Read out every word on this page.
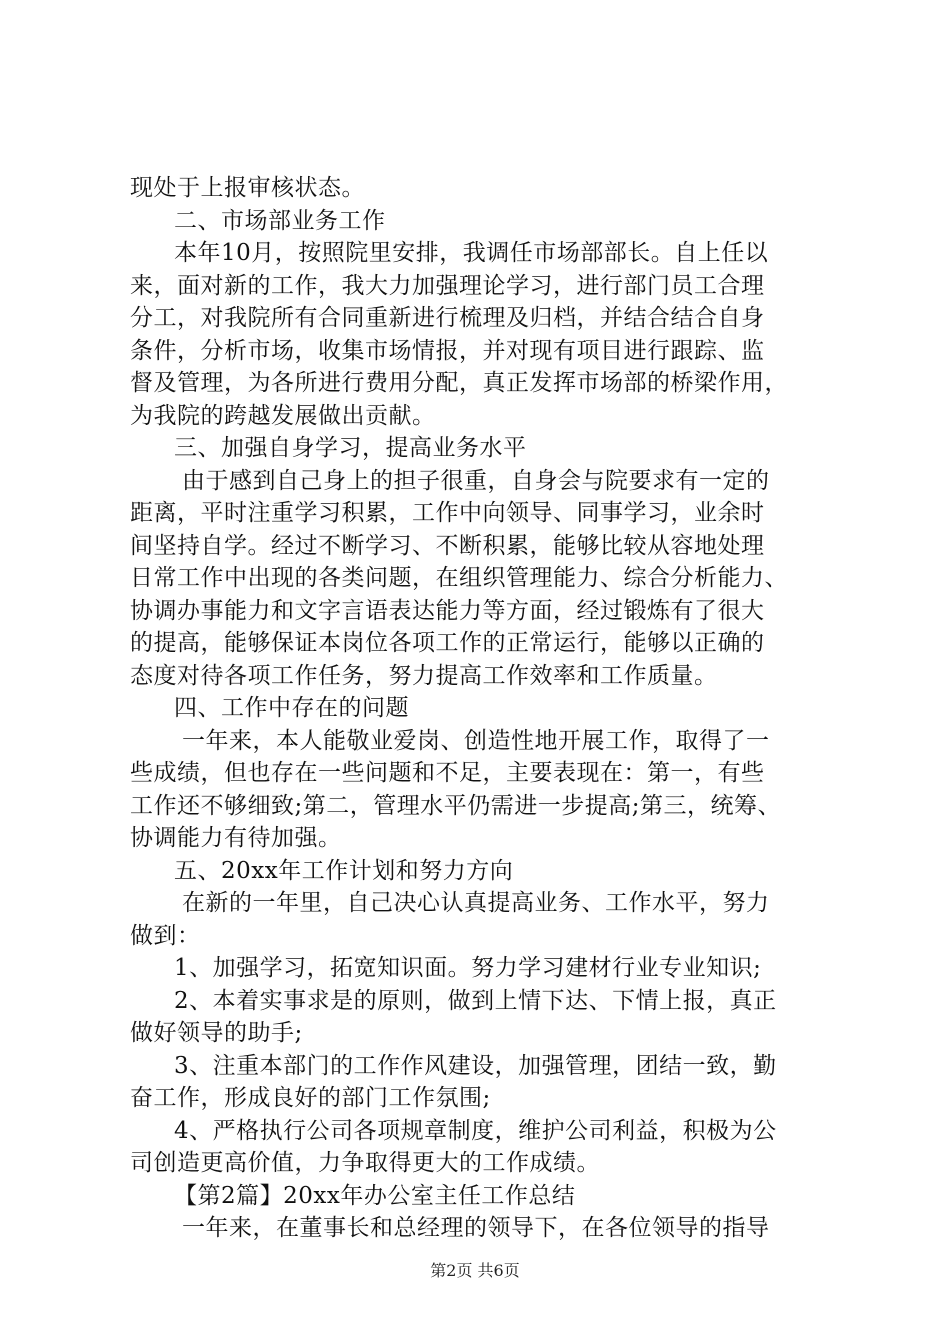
现处于上报审核状态。
二、市场部业务工作
本年10月，按照院里安排，我调任市场部部长。自上任以
来，面对新的工作，我大力加强理论学习，进行部门员工合理
分工，对我院所有合同重新进行梳理及归档，并结合结合自身
条件，分析市场，收集市场情报，并对现有项目进行跟踪、监
督及管理，为各所进行费用分配，真正发挥市场部的桥梁作用，
为我院的跨越发展做出贡献。
三、加强自身学习，提高业务水平
由于感到自己身上的担子很重，自身会与院要求有一定的
距离，平时注重学习积累，工作中向领导、同事学习，业余时
间坚持自学。经过不断学习、不断积累，能够比较从容地处理
日常工作中出现的各类问题，在组织管理能力、综合分析能力、
协调办事能力和文字言语表达能力等方面，经过锻炼有了很大
的提高，能够保证本岗位各项工作的正常运行，能够以正确的
态度对待各项工作任务，努力提高工作效率和工作质量。
四、工作中存在的问题
一年来，本人能敬业爱岗、创造性地开展工作，取得了一
些成绩，但也存在一些问题和不足，主要表现在：第一，有些
工作还不够细致;第二，管理水平仍需进一步提高;第三，统筹、
协调能力有待加强。
五、20xx年工作计划和努力方向
在新的一年里，自己决心认真提高业务、工作水平，努力
做到：
1、加强学习，拓宽知识面。努力学习建材行业专业知识;
2、本着实事求是的原则，做到上情下达、下情上报，真正
做好领导的助手;
3、注重本部门的工作作风建设，加强管理，团结一致，勤
奋工作，形成良好的部门工作氛围;
4、严格执行公司各项规章制度，维护公司利益，积极为公
司创造更高价值，力争取得更大的工作成绩。
【第2篇】20xx年办公室主任工作总结
一年来，在董事长和总经理的领导下，在各位领导的指导
第2页 共6页
